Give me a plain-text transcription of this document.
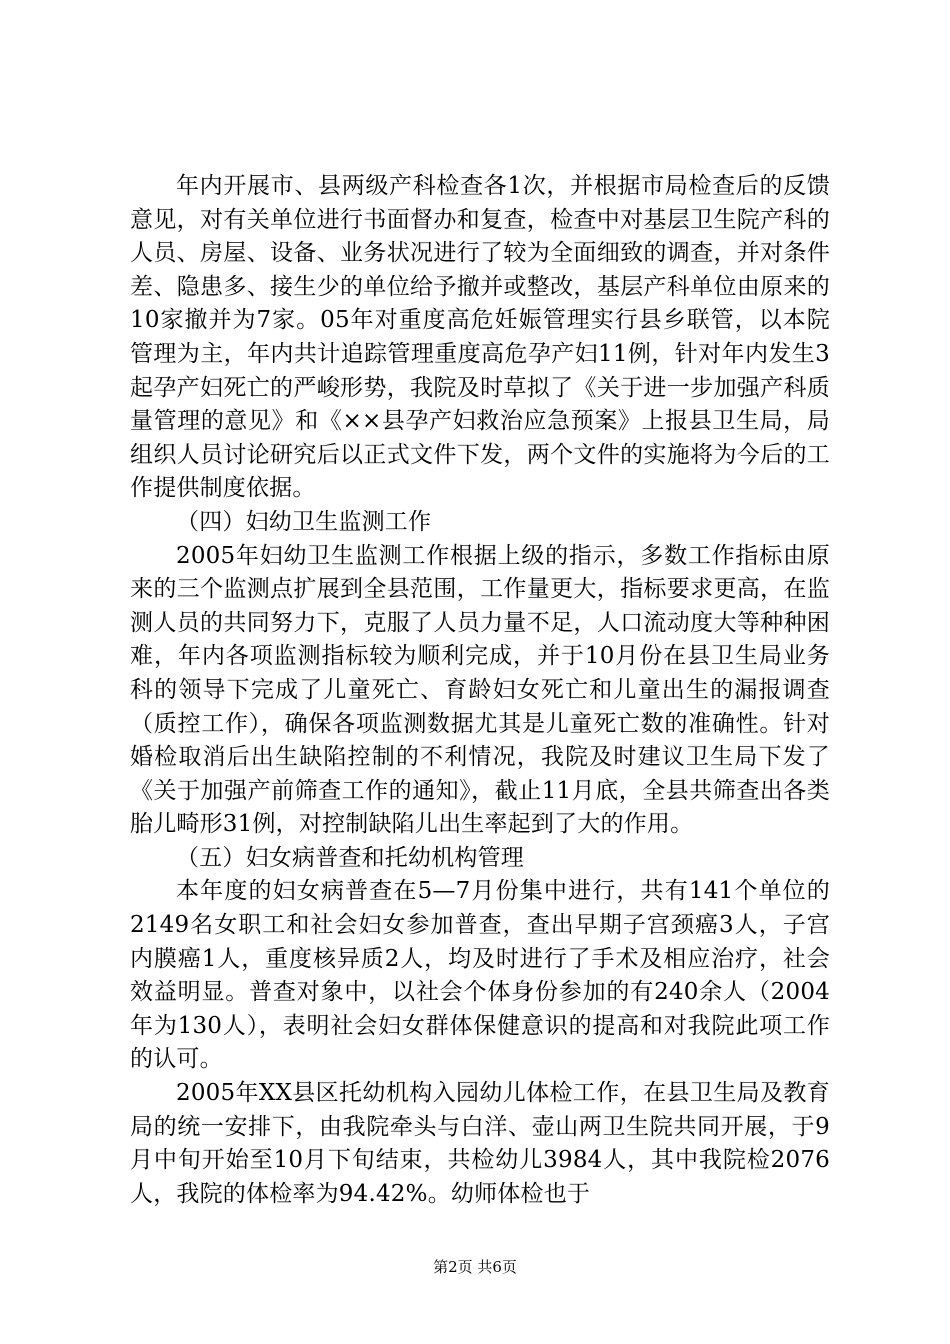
年内开展市、县两级产科检查各1次，并根据市局检查后的反馈意见，对有关单位进行书面督办和复查，检查中对基层卫生院产科的人员、房屋、设备、业务状况进行了较为全面细致的调查，并对条件差、隐患多、接生少的单位给予撤并或整改，基层产科单位由原来的10家撤并为7家。05年对重度高危妊娠管理实行县乡联管，以本院管理为主，年内共计追踪管理重度高危孕产妇11例，针对年内发生3起孕产妇死亡的严峻形势，我院及时草拟了《关于进一步加强产科质量管理的意见》和《××县孕产妇救治应急预案》上报县卫生局，局组织人员讨论研究后以正式文件下发，两个文件的实施将为今后的工作提供制度依据。

（四）妇幼卫生监测工作

2005年妇幼卫生监测工作根据上级的指示，多数工作指标由原来的三个监测点扩展到全县范围，工作量更大，指标要求更高，在监测人员的共同努力下，克服了人员力量不足，人口流动度大等种种困难，年内各项监测指标较为顺利完成，并于10月份在县卫生局业务科的领导下完成了儿童死亡、育龄妇女死亡和儿童出生的漏报调查（质控工作），确保各项监测数据尤其是儿童死亡数的准确性。针对婚检取消后出生缺陷控制的不利情况，我院及时建议卫生局下发了《关于加强产前筛查工作的通知》，截止11月底，全县共筛查出各类胎儿畸形31例，对控制缺陷儿出生率起到了大的作用。

（五）妇女病普查和托幼机构管理

本年度的妇女病普查在5—7月份集中进行，共有141个单位的2149名女职工和社会妇女参加普查，查出早期子宫颈癌3人，子宫内膜癌1人，重度核异质2人，均及时进行了手术及相应治疗，社会效益明显。普查对象中，以社会个体身份参加的有240余人（2004年为130人），表明社会妇女群体保健意识的提高和对我院此项工作的认可。

2005年XX县区托幼机构入园幼儿体检工作，在县卫生局及教育局的统一安排下，由我院牵头与白洋、壶山两卫生院共同开展，于9月中旬开始至10月下旬结束，共检幼儿3984人，其中我院检2076人，我院的体检率为94.42%。幼师体检也于

第2页 共6页
